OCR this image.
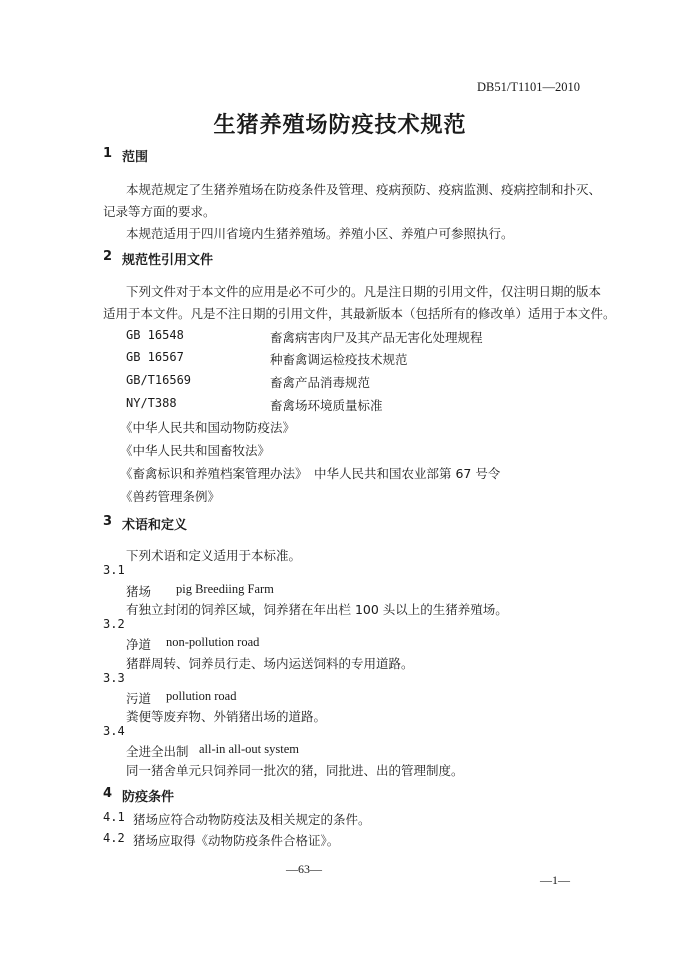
DB51/T1101—2010
生猪养殖场防疫技术规范
1 范围
本规范规定了生猪养殖场在防疫条件及管理、疫病预防、疫病监测、疫病控制和扑灭、
记录等方面的要求。
本规范适用于四川省境内生猪养殖场。养殖小区、养殖户可参照执行。
2 规范性引用文件
下列文件对于本文件的应用是必不可少的。凡是注日期的引用文件，仅注明日期的版本
适用于本文件。凡是不注日期的引用文件，其最新版本（包括所有的修改单）适用于本文件。
GB 16548	畜禽病害肉尸及其产品无害化处理规程
GB 16567	种畜禽调运检疫技术规范
GB/T16569	畜禽产品消毒规范
NY/T388	畜禽场环境质量标准
《中华人民共和国动物防疫法》
《中华人民共和国畜牧法》
《畜禽标识和养殖档案管理办法》 中华人民共和国农业部第 67 号令
《兽药管理条例》
3 术语和定义
下列术语和定义适用于本标准。
3.1
猪场 pig Breediing Farm
有独立封闭的饲养区域，饲养猪在年出栏 100 头以上的生猪养殖场。
3.2
净道 non-pollution road
猪群周转、饲养员行走、场内运送饲料的专用道路。
3.3
污道 pollution road
粪便等废弃物、外销猪出场的道路。
3.4
全进全出制 all-in all-out system
同一猪舍单元只饲养同一批次的猪，同批进、出的管理制度。
4 防疫条件
4.1 猪场应符合动物防疫法及相关规定的条件。
4.2 猪场应取得《动物防疫条件合格证》。
—63—
—1—
